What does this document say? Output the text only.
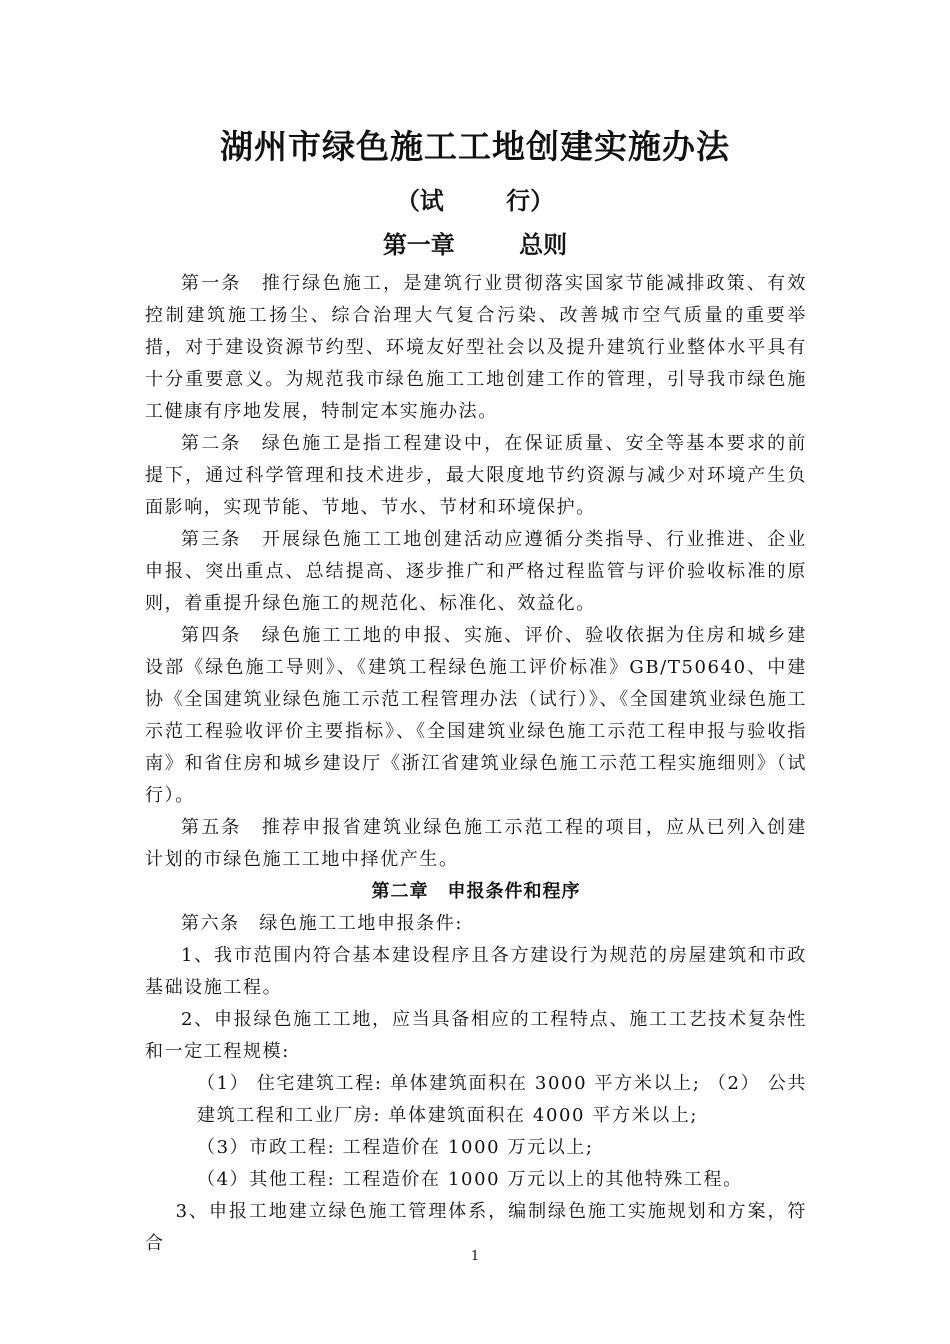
湖州市绿色施工工地创建实施办法
（试　 行）
第一章　 总则

第一条　推行绿色施工，是建筑行业贯彻落实国家节能减排政策、有效控制建筑施工扬尘、综合治理大气复合污染、改善城市空气质量的重要举措，对于建设资源节约型、环境友好型社会以及提升建筑行业整体水平具有十分重要意义。为规范我市绿色施工工地创建工作的管理，引导我市绿色施工健康有序地发展，特制定本实施办法。

第二条　绿色施工是指工程建设中，在保证质量、安全等基本要求的前提下，通过科学管理和技术进步，最大限度地节约资源与减少对环境产生负面影响，实现节能、节地、节水、节材和环境保护。

第三条　开展绿色施工工地创建活动应遵循分类指导、行业推进、企业申报、突出重点、总结提高、逐步推广和严格过程监管与评价验收标准的原则，着重提升绿色施工的规范化、标准化、效益化。

第四条　绿色施工工地的申报、实施、评价、验收依据为住房和城乡建设部《绿色施工导则》、《建筑工程绿色施工评价标准》GB/T50640、中建协《全国建筑业绿色施工示范工程管理办法（试行）》、《全国建筑业绿色施工示范工程验收评价主要指标》、《全国建筑业绿色施工示范工程申报与验收指南》和省住房和城乡建设厅《浙江省建筑业绿色施工示范工程实施细则》（试行）。

第五条　推荐申报省建筑业绿色施工示范工程的项目，应从已列入创建计划的市绿色施工工地中择优产生。

第二章　申报条件和程序

第六条　绿色施工工地申报条件:

1、我市范围内符合基本建设程序且各方建设行为规范的房屋建筑和市政基础设施工程。

2、申报绿色施工工地，应当具备相应的工程特点、施工工艺技术复杂性和一定工程规模:

（1） 住宅建筑工程: 单体建筑面积在 3000 平方米以上; （2） 公共建筑工程和工业厂房: 单体建筑面积在 4000 平方米以上;

（3）市政工程: 工程造价在 1000 万元以上;

（4）其他工程: 工程造价在 1000 万元以上的其他特殊工程。

3、申报工地建立绿色施工管理体系，编制绿色施工实施规划和方案，符合

1
